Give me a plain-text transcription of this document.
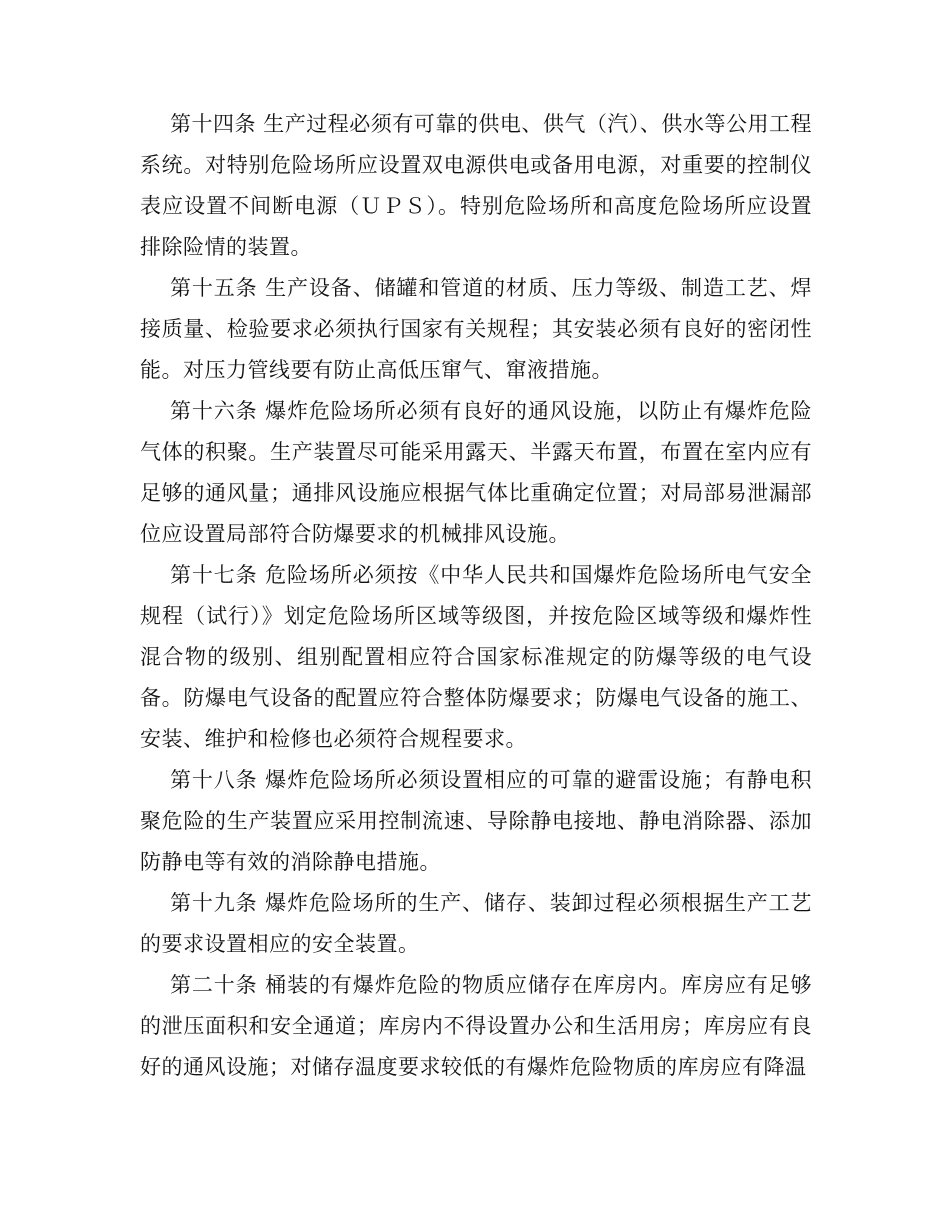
第十四条 生产过程必须有可靠的供电、供气（汽）、供水等公用工程系统。对特别危险场所应设置双电源供电或备用电源，对重要的控制仪表应设置不间断电源（ＵＰＳ）。特别危险场所和高度危险场所应设置排除险情的装置。

第十五条 生产设备、储罐和管道的材质、压力等级、制造工艺、焊接质量、检验要求必须执行国家有关规程；其安装必须有良好的密闭性能。对压力管线要有防止高低压窜气、窜液措施。

第十六条 爆炸危险场所必须有良好的通风设施，以防止有爆炸危险气体的积聚。生产装置尽可能采用露天、半露天布置，布置在室内应有足够的通风量；通排风设施应根据气体比重确定位置；对局部易泄漏部位应设置局部符合防爆要求的机械排风设施。

第十七条 危险场所必须按《中华人民共和国爆炸危险场所电气安全规程（试行）》划定危险场所区域等级图，并按危险区域等级和爆炸性混合物的级别、组别配置相应符合国家标准规定的防爆等级的电气设备。防爆电气设备的配置应符合整体防爆要求；防爆电气设备的施工、安装、维护和检修也必须符合规程要求。

第十八条 爆炸危险场所必须设置相应的可靠的避雷设施；有静电积聚危险的生产装置应采用控制流速、导除静电接地、静电消除器、添加防静电等有效的消除静电措施。

第十九条 爆炸危险场所的生产、储存、装卸过程必须根据生产工艺的要求设置相应的安全装置。

第二十条 桶装的有爆炸危险的物质应储存在库房内。库房应有足够的泄压面积和安全通道；库房内不得设置办公和生活用房；库房应有良好的通风设施；对储存温度要求较低的有爆炸危险物质的库房应有降温
